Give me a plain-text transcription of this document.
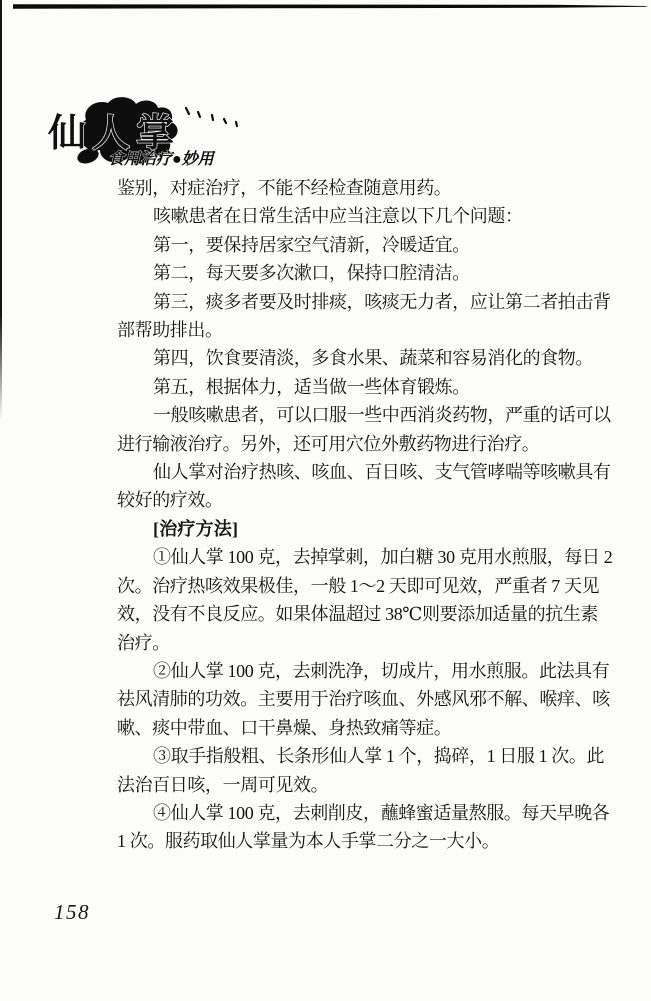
仙人掌
食用治疗●妙用
鉴别，对症治疗，不能不经检查随意用药。
咳嗽患者在日常生活中应当注意以下几个问题：
第一，要保持居家空气清新，冷暖适宜。
第二，每天要多次漱口，保持口腔清洁。
第三，痰多者要及时排痰，咳痰无力者，应让第二者拍击背
部帮助排出。
第四，饮食要清淡，多食水果、蔬菜和容易消化的食物。
第五，根据体力，适当做一些体育锻炼。
一般咳嗽患者，可以口服一些中西消炎药物，严重的话可以
进行输液治疗。另外，还可用穴位外敷药物进行治疗。
仙人掌对治疗热咳、咳血、百日咳、支气管哮喘等咳嗽具有
较好的疗效。
[治疗方法]
①仙人掌 100 克，去掉掌刺，加白糖 30 克用水煎服，每日 2
次。治疗热咳效果极佳，一般 1～2 天即可见效，严重者 7 天见
效，没有不良反应。如果体温超过 38℃则要添加适量的抗生素
治疗。
②仙人掌 100 克，去刺洗净，切成片，用水煎服。此法具有
祛风清肺的功效。主要用于治疗咳血、外感风邪不解、喉痒、咳
嗽、痰中带血、口干鼻燥、身热致痛等症。
③取手指般粗、长条形仙人掌 1 个，捣碎，1 日服 1 次。此
法治百日咳，一周可见效。
④仙人掌 100 克，去刺削皮，蘸蜂蜜适量熬服。每天早晚各
1 次。服药取仙人掌量为本人手掌二分之一大小。
158
